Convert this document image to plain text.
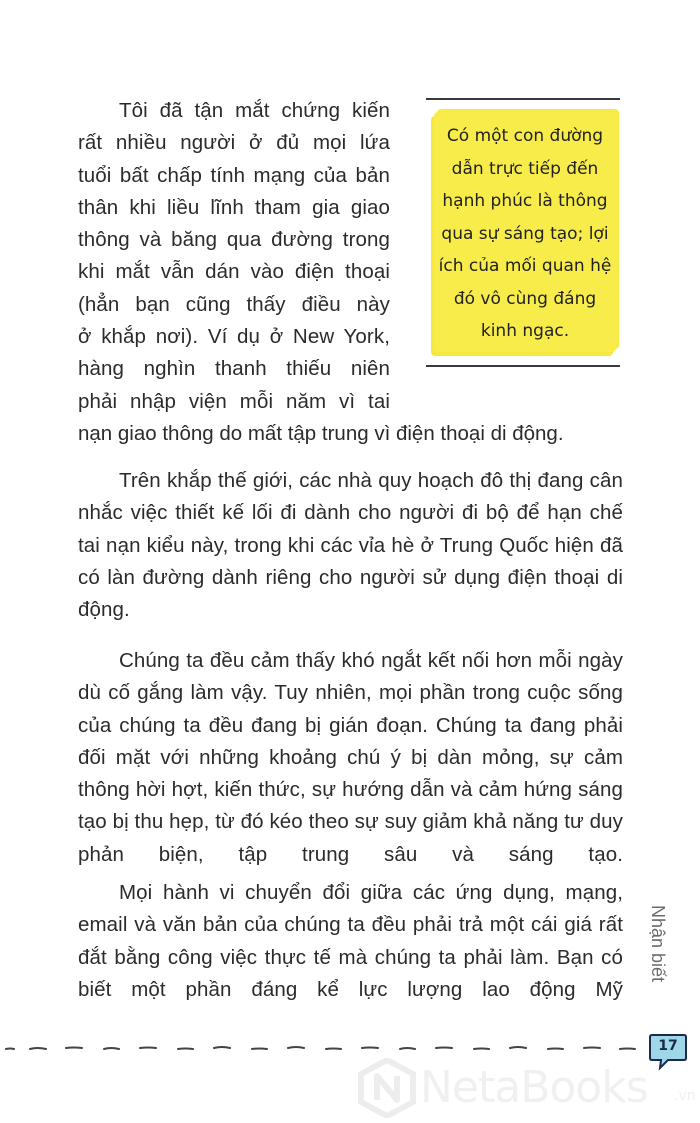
Tôi đã tận mắt chứng kiến
rất nhiều người ở đủ mọi lứa
tuổi bất chấp tính mạng của bản
thân khi liều lĩnh tham gia giao
thông và băng qua đường trong
khi mắt vẫn dán vào điện thoại
(hẳn bạn cũng thấy điều này
ở khắp nơi). Ví dụ ở New York,
hàng nghìn thanh thiếu niên
phải nhập viện mỗi năm vì tai

nạn giao thông do mất tập trung vì điện thoại di động.

Có một con đường dẫn trực tiếp đến hạnh phúc là thông qua sự sáng tạo; lợi ích của mối quan hệ đó vô cùng đáng kinh ngạc.

Trên khắp thế giới, các nhà quy hoạch đô thị đang cân nhắc việc thiết kế lối đi dành cho người đi bộ để hạn chế tai nạn kiểu này, trong khi các vỉa hè ở Trung Quốc hiện đã có làn đường dành riêng cho người sử dụng điện thoại di động.

Chúng ta đều cảm thấy khó ngắt kết nối hơn mỗi ngày dù cố gắng làm vậy. Tuy nhiên, mọi phần trong cuộc sống của chúng ta đều đang bị gián đoạn. Chúng ta đang phải đối mặt với những khoảng chú ý bị dàn mỏng, sự cảm thông hời hợt, kiến thức, sự hướng dẫn và cảm hứng sáng tạo bị thu hẹp, từ đó kéo theo sự suy giảm khả năng tư duy phản biện, tập trung sâu và sáng tạo.

Mọi hành vi chuyển đổi giữa các ứng dụng, mạng, email và văn bản của chúng ta đều phải trả một cái giá rất đắt bằng công việc thực tế mà chúng ta phải làm. Bạn có biết một phần đáng kể lực lượng lao động Mỹ

Nhận biết
17
NetaBooks .vn
